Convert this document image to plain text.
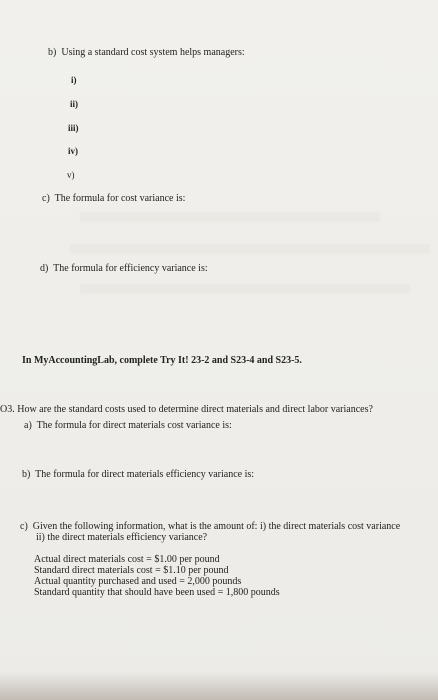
b) Using a standard cost system helps managers:
i)
ii)
iii)
iv)
v)
c) The formula for cost variance is:
d) The formula for efficiency variance is:
In MyAccountingLab, complete Try It! 23-2 and S23-4 and S23-5.
O3. How are the standard costs used to determine direct materials and direct labor variances?
a) The formula for direct materials cost variance is:
b) The formula for direct materials efficiency variance is:
c) Given the following information, what is the amount of: i) the direct materials cost variance
ii) the direct materials efficiency variance?
Actual direct materials cost = $1.00 per pound
Standard direct materials cost = $1.10 per pound
Actual quantity purchased and used = 2,000 pounds
Standard quantity that should have been used = 1,800 pounds
